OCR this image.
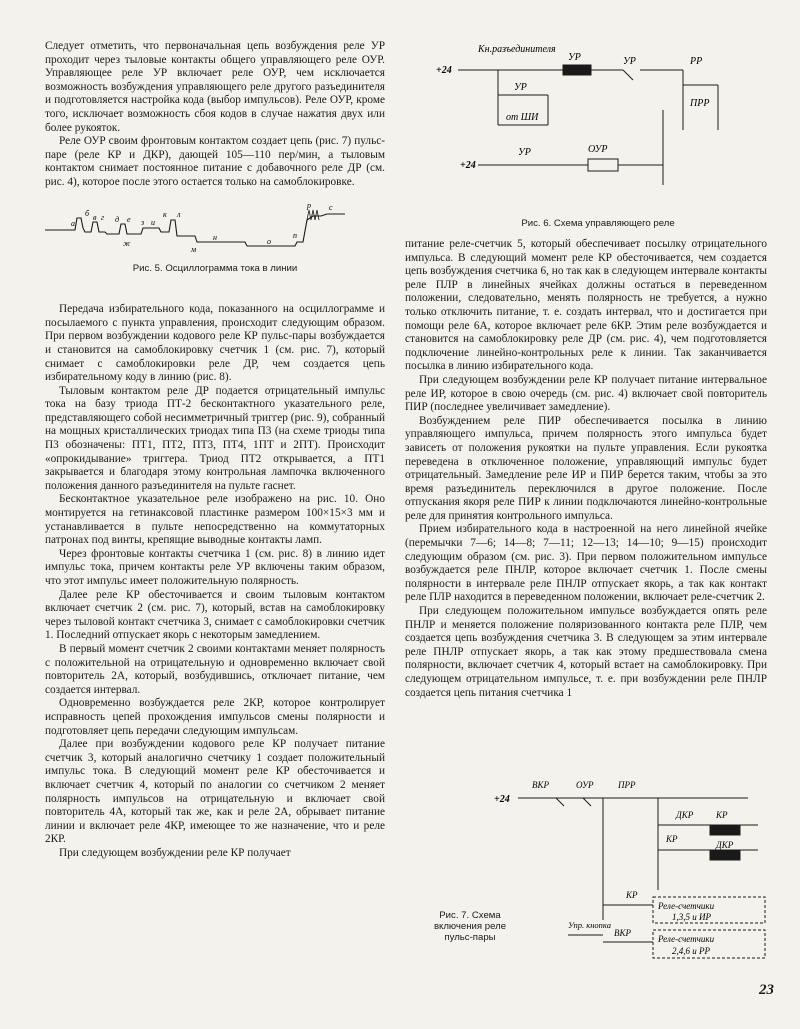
Следует отметить, что первоначальная цепь возбуждения реле УР проходит через тыловые контакты общего управляющего реле ОУР. Управляющее реле УР включает реле ОУР, чем исключается возможность возбуждения управляющего реле другого разъединителя и подготовляется настройка кода (выбор импульсов). Реле ОУР, кроме того, исключает возможность сбоя кодов в случае нажатия двух или более рукояток.

Реле ОУР своим фронтовым контактом создает цепь (рис. 7) пульс-паре (реле КР и ДКР), дающей 105—110 пер/мин, а тыловым контактом снимает постоянное питание с добавочного реле ДР (см. рис. 4), которое после этого остается только на самоблокировке.

а
б в г д е
ж
з и
к л
м
н	о
п
р с
Рис. 5. Осциллограмма тока в линии

Передача избирательного кода, показанного на осциллограмме и посылаемого с пункта управления, происходит следующим образом. При первом возбуждении кодового реле КР пульс-пары возбуждается и становится на самоблокировку счетчик 1 (см. рис. 7), который снимает с самоблокировки реле ДР, чем создается цепь избирательному коду в линию (рис. 8).

Тыловым контактом реле ДР подается отрицательный импульс тока на базу триода ПТ-2 бесконтактного указательного реле, представляющего собой несимметричный триггер (рис. 9), собранный на мощных кристаллических триодах типа П3 (на схеме триоды типа П3 обозначены: ПТ1, ПТ2, ПТ3, ПТ4, 1ПТ и 2ПТ). Происходит «опрокидывание» триггера. Триод ПТ2 открывается, а ПТ1 закрывается и благодаря этому контрольная лампочка включенного положения данного разъединителя на пульте гаснет.

Бесконтактное указательное реле изображено на рис. 10. Оно монтируется на гетинаксовой пластинке размером 100×15×3 мм и устанавливается в пульте непосредственно на коммутаторных патронах под винты, крепящие выводные контакты ламп.

Через фронтовые контакты счетчика 1 (см. рис. 8) в линию идет импульс тока, причем контакты реле УР включены таким образом, что этот импульс имеет положительную полярность.

Далее реле КР обесточивается и своим тыловым контактом включает счетчик 2 (см. рис. 7), который, встав на самоблокировку через тыловой контакт счетчика 3, снимает с самоблокировки счетчик 1. Последний отпускает якорь с некоторым замедлением.

В первый момент счетчик 2 своими контактами меняет полярность с положительной на отрицательную и одновременно включает свой повторитель 2А, который, возбудившись, отключает питание, чем создается интервал.

Одновременно возбуждается реле 2КР, которое контролирует исправность цепей прохождения импульсов смены полярности и подготовляет цепь передачи следующим импульсам.

Далее при возбуждении кодового реле КР получает питание счетчик 3, который аналогично счетчику 1 создает положительный импульс тока. В следующий момент реле КР обесточивается и включает счетчик 4, который по аналогии со счетчиком 2 меняет полярность импульсов на отрицательную и включает свой повторитель 4А, который так же, как и реле 2А, обрывает питание линии и включает реле 4КР, имеющее то же назначение, что и реле 2КР.

При следующем возбуждении реле КР получает

Кн.разъединителя
+24
УР
УР
РР
УР
ПРР
от ШИ
УР	ОУР
+24
Рис. 6. Схема управляющего реле

питание реле-счетчик 5, который обеспечивает посылку отрицательного импульса. В следующий момент реле КР обесточивается, чем создается цепь возбуждения счетчика 6, но так как в следующем интервале контакты реле ПЛР в линейных ячейках должны остаться в переведенном положении, следовательно, менять полярность не требуется, а нужно только отключить питание, т. е. создать интервал, что и достигается при помощи реле 6А, которое включает реле 6КР. Этим реле возбуждается и становится на самоблокировку реле ДР (см. рис. 4), чем подготовляется подключение линейно-контрольных реле к линии. Так заканчивается посылка в линию избирательного кода.

При следующем возбуждении реле КР получает питание интервальное реле ИР, которое в свою очередь (см. рис. 4) включает свой повторитель ПИР (последнее увеличивает замедление).

Возбуждением реле ПИР обеспечивается посылка в линию управляющего импульса, причем полярность этого импульса будет зависеть от положения рукоятки на пульте управления. Если рукоятка переведена в отключенное положение, управляющий импульс будет отрицательный. Замедление реле ИР и ПИР берется таким, чтобы за это время разъединитель переключился в другое положение. После отпускания якоря реле ПИР к линии подключаются линейно-контрольные реле для принятия контрольного импульса.

Прием избирательного кода в настроенной на него линейной ячейке (перемычки 7—6; 14—8; 7—11; 12—13; 14—10; 9—15) происходит следующим образом (см. рис. 3). При первом положительном импульсе возбуждается реле ПНЛР, которое включает счетчик 1. После смены полярности в интервале реле ПНЛР отпускает якорь, а так как контакт реле ПЛР находится в переведенном положении, включает реле-счетчик 2.

При следующем положительном импульсе возбуждается опять реле ПНЛР и меняется положение поляризованного контакта реле ПЛР, чем создается цепь возбуждения счетчика 3. В следующем за этим интервале реле ПНЛР отпускает якорь, а так как этому предшествовала смена полярности, включает счетчик 4, который встает на самоблокировку. При следующем отрицательном импульсе, т. е. при возбуждении реле ПНЛР создается цепь питания счетчика 1

+24
ВКР	ОУР	ПРР
ДКР	КР
КР
ДКР
КР
Реле-счетчики
1,3,5 и ИР
Упр. кнопка
ВКР
Реле-счетчики
2,4,6 и РР
Рис. 7. Схема включения реле пульс-пары
23
